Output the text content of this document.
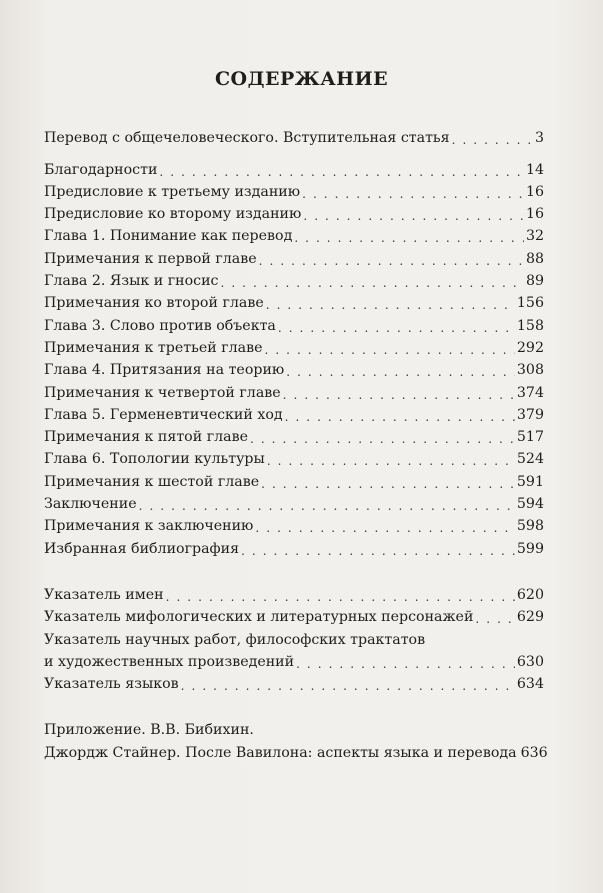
СОДЕРЖАНИЕ
Перевод с общечеловеческого. Вступительная статья . . .	3
Благодарности . . .	14
Предисловие к третьему изданию . . .	16
Предисловие ко второму изданию . . .	16
Глава 1. Понимание как перевод . . .	32
Примечания к первой главе . . .	88
Глава 2. Язык и гносис . . .	89
Примечания ко второй главе . . .	156
Глава 3. Слово против объекта . . .	158
Примечания к третьей главе . . .	292
Глава 4. Притязания на теорию . . .	308
Примечания к четвертой главе . . .	374
Глава 5. Герменевтический ход . . .	379
Примечания к пятой главе . . .	517
Глава 6. Топологии культуры . . .	524
Примечания к шестой главе . . .	591
Заключение . . .	594
Примечания к заключению . . .	598
Избранная библиография . . .	599
Указатель имен . . .	620
Указатель мифологических и литературных персонажей . . .	629
Указатель научных работ, философских трактатов
и художественных произведений . . .	630
Указатель языков . . .	634
Приложение. В.В. Бибихин.
Джордж Стайнер. После Вавилона: аспекты языка и перевода 636
